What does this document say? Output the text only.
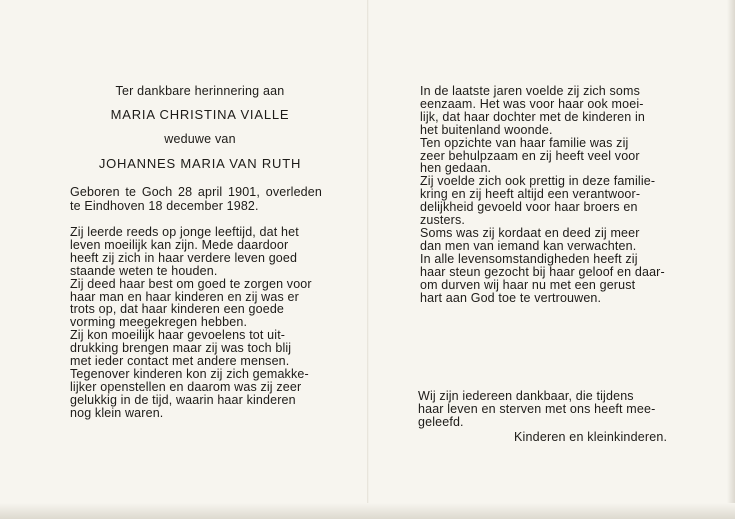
Ter dankbare herinnering aan
MARIA CHRISTINA VIALLE
weduwe van
JOHANNES MARIA VAN RUTH
Geboren te Goch 28 april 1901, overleden te Eindhoven 18 december 1982.
Zij leerde reeds op jonge leeftijd, dat het
leven moeilijk kan zijn. Mede daardoor
heeft zij zich in haar verdere leven goed
staande weten te houden.
Zij deed haar best om goed te zorgen voor
haar man en haar kinderen en zij was er
trots op, dat haar kinderen een goede
vorming meegekregen hebben.
Zij kon moeilijk haar gevoelens tot uit-
drukking brengen maar zij was toch blij
met ieder contact met andere mensen.
Tegenover kinderen kon zij zich gemakke-
lijker openstellen en daarom was zij zeer
gelukkig in de tijd, waarin haar kinderen
nog klein waren.
In de laatste jaren voelde zij zich soms
eenzaam. Het was voor haar ook moei-
lijk, dat haar dochter met de kinderen in
het buitenland woonde.
Ten opzichte van haar familie was zij
zeer behulpzaam en zij heeft veel voor
hen gedaan.
Zij voelde zich ook prettig in deze familie-
kring en zij heeft altijd een verantwoor-
delijkheid gevoeld voor haar broers en
zusters.
Soms was zij kordaat en deed zij meer
dan men van iemand kan verwachten.
In alle levensomstandigheden heeft zij
haar steun gezocht bij haar geloof en daar-
om durven wij haar nu met een gerust
hart aan God toe te vertrouwen.
Wij zijn iedereen dankbaar, die tijdens
haar leven en sterven met ons heeft mee-
geleefd.
Kinderen en kleinkinderen.
